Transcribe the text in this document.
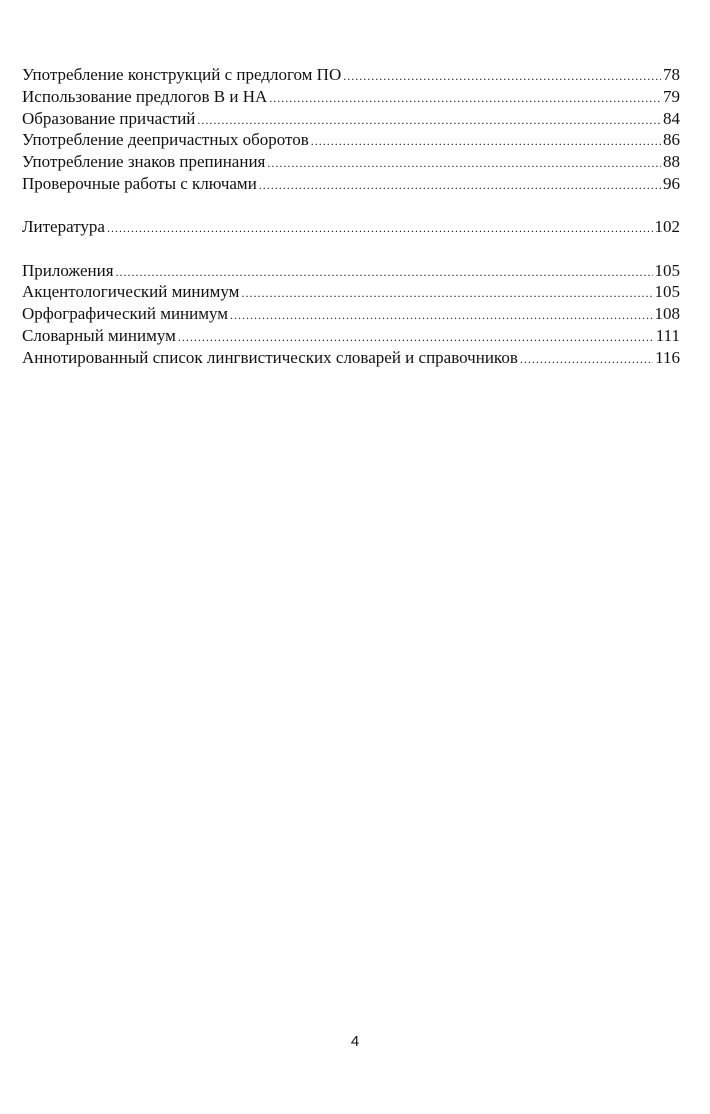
Употребление конструкций с предлогом ПО .....	78
Использование предлогов В и НА .....	79
Образование причастий .....	84
Употребление деепричастных оборотов .....	86
Употребление знаков препинания .....	88
Проверочные работы с ключами .....	96
Литература .....	102
Приложения .....	105
Акцентологический минимум .....	105
Орфографический минимум .....	108
Словарный минимум .....	111
Аннотированный список лингвистических словарей и справочников .....	116
4
